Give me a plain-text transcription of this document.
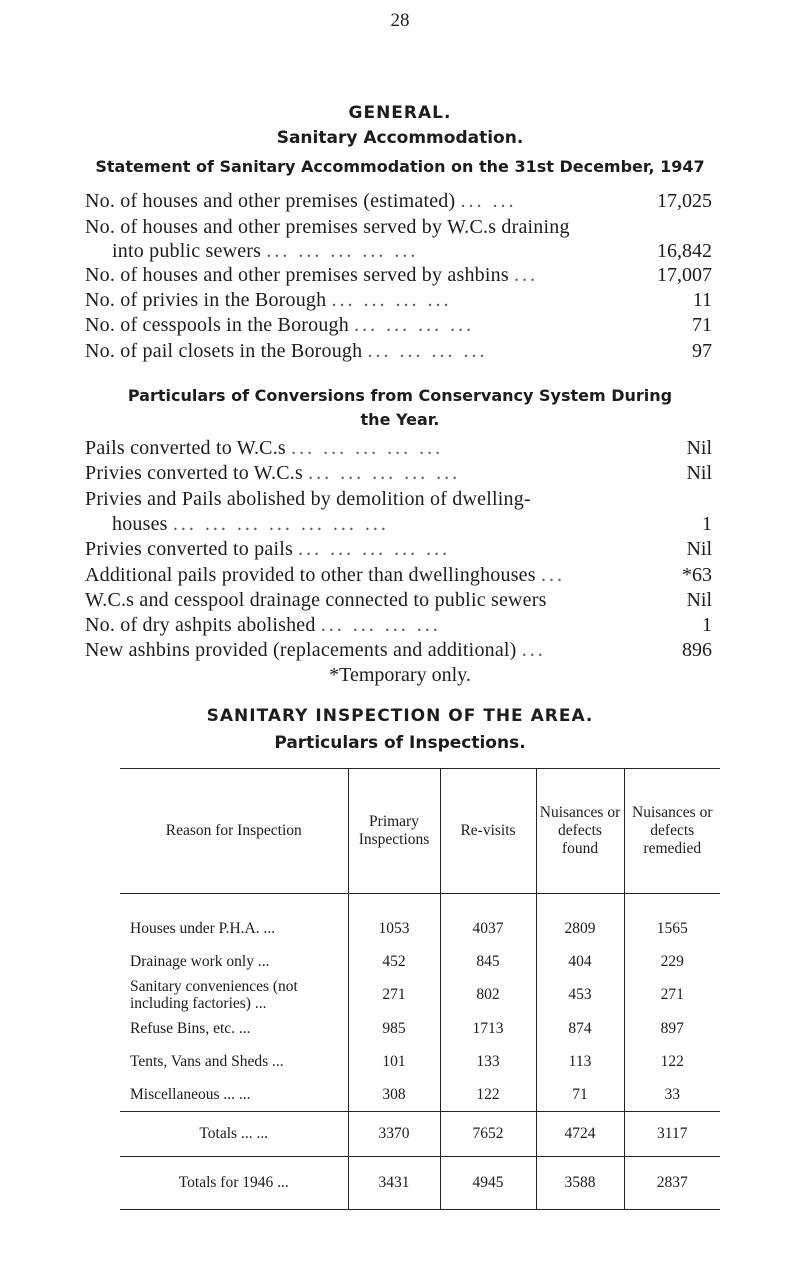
28
GENERAL.
Sanitary Accommodation.
Statement of Sanitary Accommodation on the 31st December, 1947
No. of houses and other premises (estimated) ... ...	17,025
No. of houses and other premises served by W.C.s draining
into public sewers ... ... ... ... ...	16,842
No. of houses and other premises served by ashbins ...	17,007
No. of privies in the Borough ... ... ... ...	11
No. of cesspools in the Borough ... ... ... ...	71
No. of pail closets in the Borough ... ... ... ...	97
Particulars of Conversions from Conservancy System During
the Year.
Pails converted to W.C.s ... ... ... ... ...	Nil
Privies converted to W.C.s ... ... ... ... ...	Nil
Privies and Pails abolished by demolition of dwelling-
houses ... ... ... ... ... ... ...	1
Privies converted to pails ... ... ... ... ...	Nil
Additional pails provided to other than dwellinghouses ...	*63
W.C.s and cesspool drainage connected to public sewers	Nil
No. of dry ashpits abolished ... ... ... ...	1
New ashbins provided (replacements and additional) ...	896
*Temporary only.
SANITARY INSPECTION OF THE AREA.
Particulars of Inspections.
Reason for Inspection	Primary Inspections	Re-visits	Nuisances or defects found	Nuisances or defects remedied
Houses under P.H.A. ...	1053	4037	2809	1565
Drainage work only ...	452	845	404	229
Sanitary conveniences (not including factories) ...	271	802	453	271
Refuse Bins, etc. ...	985	1713	874	897
Tents, Vans and Sheds ...	101	133	113	122
Miscellaneous ... ...	308	122	71	33
Totals ... ...	3370	7652	4724	3117
Totals for 1946 ...	3431	4945	3588	2837
